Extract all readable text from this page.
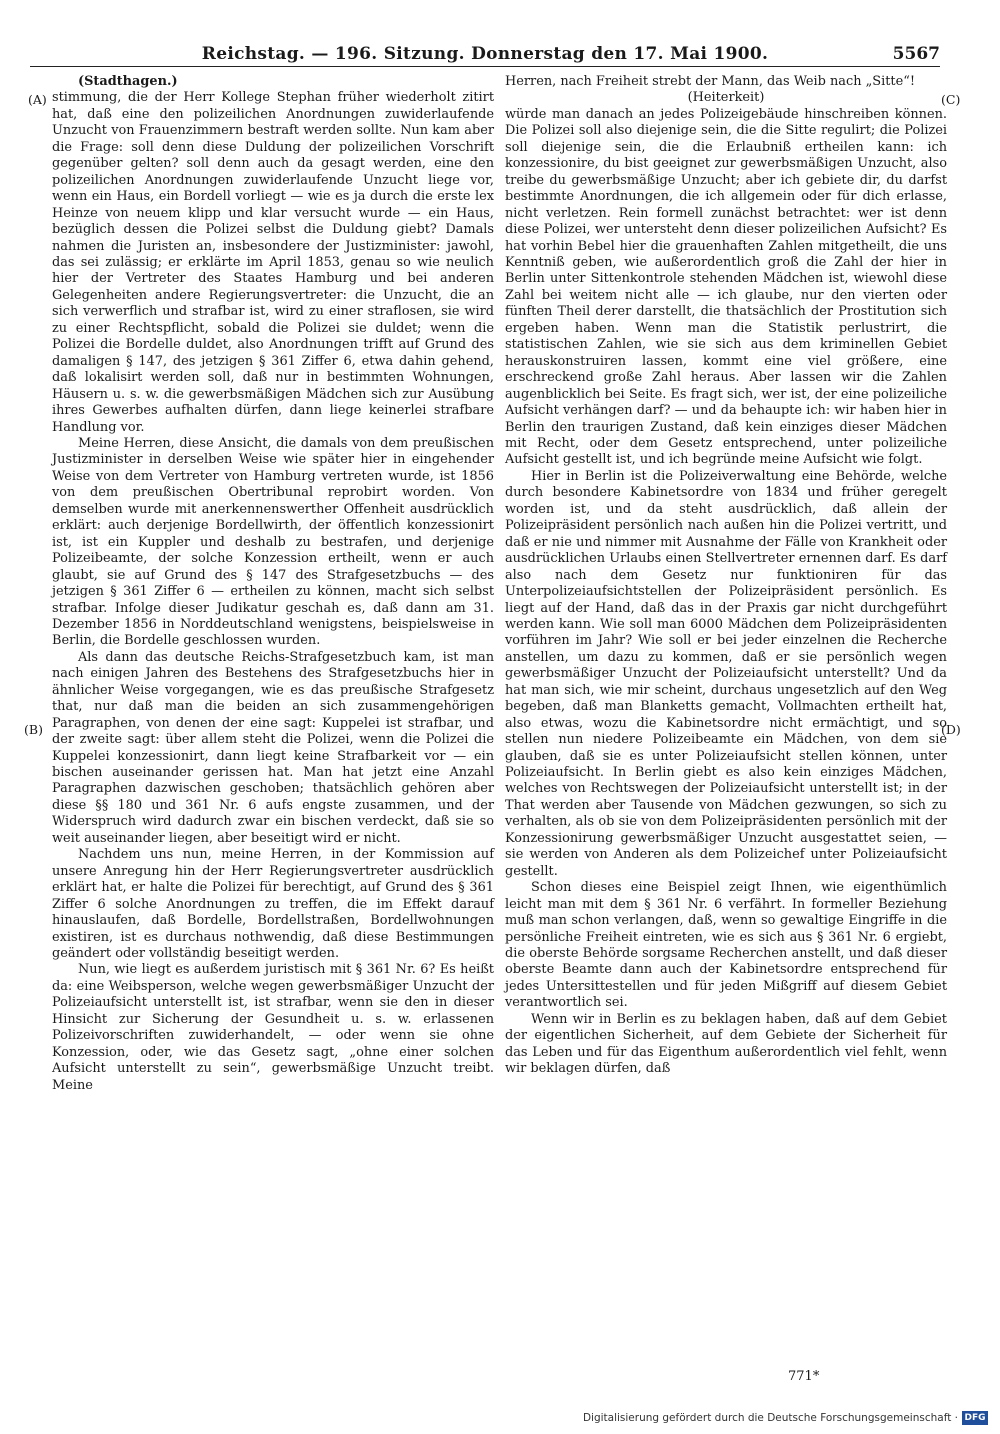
Reichstag. — 196. Sitzung. Donnerstag den 17. Mai 1900.	5567
(A)
(B)
(C)
(D)

(Stadthagen.)

stimmung, die der Herr Kollege Stephan früher wiederholt zitirt hat, daß eine den polizeilichen Anordnungen zuwiderlaufende Unzucht von Frauenzimmern bestraft werden sollte. Nun kam aber die Frage: soll denn diese Duldung der polizeilichen Vorschrift gegenüber gelten? soll denn auch da gesagt werden, eine den polizeilichen Anordnungen zuwiderlaufende Unzucht liege vor, wenn ein Haus, ein Bordell vorliegt — wie es ja durch die erste lex Heinze von neuem klipp und klar versucht wurde — ein Haus, bezüglich dessen die Polizei selbst die Duldung giebt? Damals nahmen die Juristen an, insbesondere der Justizminister: jawohl, das sei zulässig; er erklärte im April 1853, genau so wie neulich hier der Vertreter des Staates Hamburg und bei anderen Gelegenheiten andere Regierungsvertreter: die Unzucht, die an sich verwerflich und strafbar ist, wird zu einer straflosen, sie wird zu einer Rechtspflicht, sobald die Polizei sie duldet; wenn die Polizei die Bordelle duldet, also Anordnungen trifft auf Grund des damaligen § 147, des jetzigen § 361 Ziffer 6, etwa dahin gehend, daß lokalisirt werden soll, daß nur in bestimmten Wohnungen, Häusern u. s. w. die gewerbsmäßigen Mädchen sich zur Ausübung ihres Gewerbes aufhalten dürfen, dann liege keinerlei strafbare Handlung vor.

Meine Herren, diese Ansicht, die damals von dem preußischen Justizminister in derselben Weise wie später hier in eingehender Weise von dem Vertreter von Hamburg vertreten wurde, ist 1856 von dem preußischen Obertribunal reprobirt worden. Von demselben wurde mit anerkennenswerther Offenheit ausdrücklich erklärt: auch derjenige Bordellwirth, der öffentlich konzessionirt ist, ist ein Kuppler und deshalb zu bestrafen, und derjenige Polizeibeamte, der solche Konzession ertheilt, wenn er auch glaubt, sie auf Grund des § 147 des Strafgesetzbuchs — des jetzigen § 361 Ziffer 6 — ertheilen zu können, macht sich selbst strafbar. Infolge dieser Judikatur geschah es, daß dann am 31. Dezember 1856 in Norddeutschland wenigstens, beispielsweise in Berlin, die Bordelle geschlossen wurden.

Als dann das deutsche Reichs-Strafgesetzbuch kam, ist man nach einigen Jahren des Bestehens des Strafgesetzbuchs hier in ähnlicher Weise vorgegangen, wie es das preußische Strafgesetz that, nur daß man die beiden an sich zusammengehörigen Paragraphen, von denen der eine sagt: Kuppelei ist strafbar, und der zweite sagt: über allem steht die Polizei, wenn die Polizei die Kuppelei konzessionirt, dann liegt keine Strafbarkeit vor — ein bischen auseinander gerissen hat. Man hat jetzt eine Anzahl Paragraphen dazwischen geschoben; thatsächlich gehören aber diese §§ 180 und 361 Nr. 6 aufs engste zusammen, und der Widerspruch wird dadurch zwar ein bischen verdeckt, daß sie so weit auseinander liegen, aber beseitigt wird er nicht.

Nachdem uns nun, meine Herren, in der Kommission auf unsere Anregung hin der Herr Regierungsvertreter ausdrücklich erklärt hat, er halte die Polizei für berechtigt, auf Grund des § 361 Ziffer 6 solche Anordnungen zu treffen, die im Effekt darauf hinauslaufen, daß Bordelle, Bordellstraßen, Bordellwohnungen existiren, ist es durchaus nothwendig, daß diese Bestimmungen geändert oder vollständig beseitigt werden.

Nun, wie liegt es außerdem juristisch mit § 361 Nr. 6? Es heißt da: eine Weibsperson, welche wegen gewerbsmäßiger Unzucht der Polizeiaufsicht unterstellt ist, ist strafbar, wenn sie den in dieser Hinsicht zur Sicherung der Gesundheit u. s. w. erlassenen Polizeivorschriften zuwiderhandelt, — oder wenn sie ohne Konzession, oder, wie das Gesetz sagt, „ohne einer solchen Aufsicht unterstellt zu sein“, gewerbsmäßige Unzucht treibt. Meine

Herren, nach Freiheit strebt der Mann, das Weib nach „Sitte“!

(Heiterkeit)

würde man danach an jedes Polizeigebäude hinschreiben können. Die Polizei soll also diejenige sein, die die Sitte regulirt; die Polizei soll diejenige sein, die die Erlaubniß ertheilen kann: ich konzessionire, du bist geeignet zur gewerbsmäßigen Unzucht, also treibe du gewerbsmäßige Unzucht; aber ich gebiete dir, du darfst bestimmte Anordnungen, die ich allgemein oder für dich erlasse, nicht verletzen. Rein formell zunächst betrachtet: wer ist denn diese Polizei, wer untersteht denn dieser polizeilichen Aufsicht? Es hat vorhin Bebel hier die grauenhaften Zahlen mitgetheilt, die uns Kenntniß geben, wie außerordentlich groß die Zahl der hier in Berlin unter Sittenkontrole stehenden Mädchen ist, wiewohl diese Zahl bei weitem nicht alle — ich glaube, nur den vierten oder fünften Theil derer darstellt, die thatsächlich der Prostitution sich ergeben haben. Wenn man die Statistik perlustrirt, die statistischen Zahlen, wie sie sich aus dem kriminellen Gebiet herauskonstruiren lassen, kommt eine viel größere, eine erschreckend große Zahl heraus. Aber lassen wir die Zahlen augenblicklich bei Seite. Es fragt sich, wer ist, der eine polizeiliche Aufsicht verhängen darf? — und da behaupte ich: wir haben hier in Berlin den traurigen Zustand, daß kein einziges dieser Mädchen mit Recht, oder dem Gesetz entsprechend, unter polizeiliche Aufsicht gestellt ist, und ich begründe meine Aufsicht wie folgt.

Hier in Berlin ist die Polizeiverwaltung eine Behörde, welche durch besondere Kabinetsordre von 1834 und früher geregelt worden ist, und da steht ausdrücklich, daß allein der Polizeipräsident persönlich nach außen hin die Polizei vertritt, und daß er nie und nimmer mit Ausnahme der Fälle von Krankheit oder ausdrücklichen Urlaubs einen Stellvertreter ernennen darf. Es darf also nach dem Gesetz nur funktioniren für das Unterpolizeiaufsichtstellen der Polizeipräsident persönlich. Es liegt auf der Hand, daß das in der Praxis gar nicht durchgeführt werden kann. Wie soll man 6000 Mädchen dem Polizeipräsidenten vorführen im Jahr? Wie soll er bei jeder einzelnen die Recherche anstellen, um dazu zu kommen, daß er sie persönlich wegen gewerbsmäßiger Unzucht der Polizeiaufsicht unterstellt? Und da hat man sich, wie mir scheint, durchaus ungesetzlich auf den Weg begeben, daß man Blanketts gemacht, Vollmachten ertheilt hat, also etwas, wozu die Kabinetsordre nicht ermächtigt, und so stellen nun niedere Polizeibeamte ein Mädchen, von dem sie glauben, daß sie es unter Polizeiaufsicht stellen können, unter Polizeiaufsicht. In Berlin giebt es also kein einziges Mädchen, welches von Rechtswegen der Polizeiaufsicht unterstellt ist; in der That werden aber Tausende von Mädchen gezwungen, so sich zu verhalten, als ob sie von dem Polizeipräsidenten persönlich mit der Konzessionirung gewerbsmäßiger Unzucht ausgestattet seien, — sie werden von Anderen als dem Polizeichef unter Polizeiaufsicht gestellt.

Schon dieses eine Beispiel zeigt Ihnen, wie eigenthümlich leicht man mit dem § 361 Nr. 6 verfährt. In formeller Beziehung muß man schon verlangen, daß, wenn so gewaltige Eingriffe in die persönliche Freiheit eintreten, wie es sich aus § 361 Nr. 6 ergiebt, die oberste Behörde sorgsame Recherchen anstellt, und daß dieser oberste Beamte dann auch der Kabinetsordre entsprechend für jedes Untersittestellen und für jeden Mißgriff auf diesem Gebiet verantwortlich sei.

Wenn wir in Berlin es zu beklagen haben, daß auf dem Gebiet der eigentlichen Sicherheit, auf dem Gebiete der Sicherheit für das Leben und für das Eigenthum außerordentlich viel fehlt, wenn wir beklagen dürfen, daß

771*
Digitalisierung gefördert durch die Deutsche Forschungsgemeinschaft · DFG
